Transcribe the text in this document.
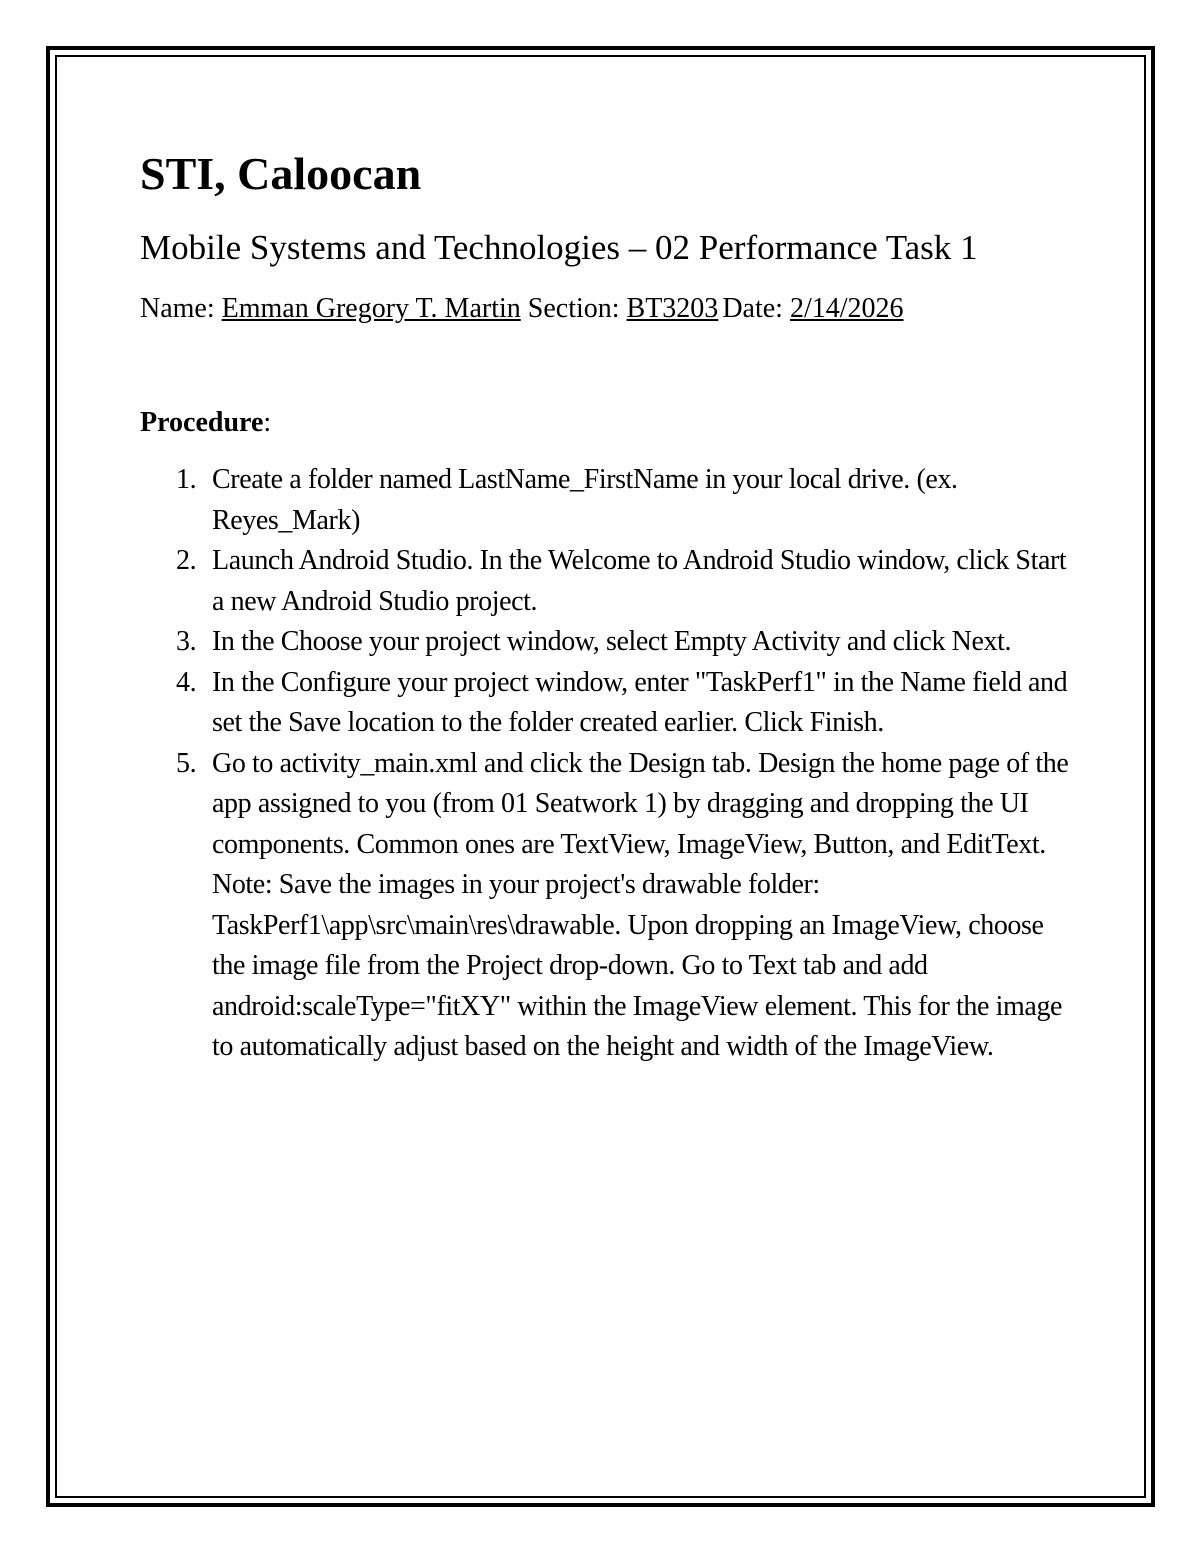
STI, Caloocan
Mobile Systems and Technologies – 02 Performance Task 1
Name: Emman Gregory T. Martin Section: BT3203 Date: 2/14/2026
Procedure:
1. Create a folder named LastName_FirstName in your local drive. (ex. Reyes_Mark)
2. Launch Android Studio. In the Welcome to Android Studio window, click Start a new Android Studio project.
3. In the Choose your project window, select Empty Activity and click Next.
4. In the Configure your project window, enter "TaskPerf1" in the Name field and set the Save location to the folder created earlier. Click Finish.
5. Go to activity_main.xml and click the Design tab. Design the home page of the app assigned to you (from 01 Seatwork 1) by dragging and dropping the UI components. Common ones are TextView, ImageView, Button, and EditText. Note: Save the images in your project's drawable folder: TaskPerf1\app\src\main\res\drawable. Upon dropping an ImageView, choose the image file from the Project drop-down. Go to Text tab and add android:scaleType="fitXY" within the ImageView element. This for the image to automatically adjust based on the height and width of the ImageView.
